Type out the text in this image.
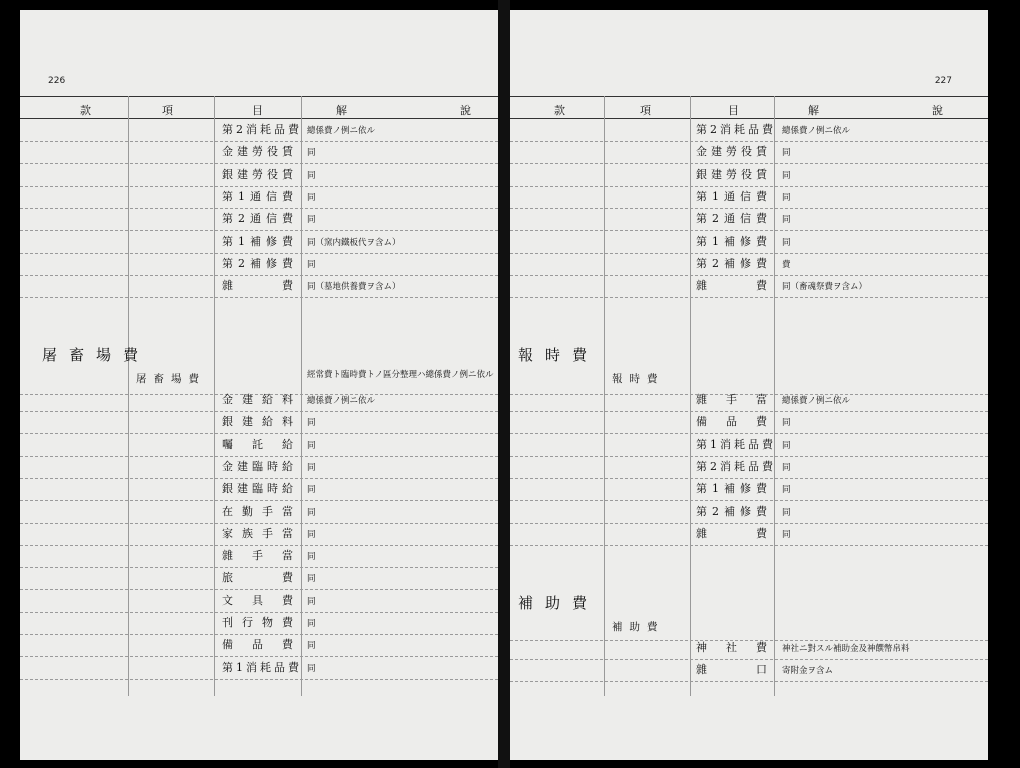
226
款	項	目	解	說
第2消耗品費 總係費ノ例ニ依ル
金建勞役賃 同
銀建勞役賃 同
第1通信費 同
第2通信費 同
第1補修費 同（窯内鐵板代ヲ含ム）
第2補修費 同
雜費 同（墓地供養費ヲ含ム）
屠畜場費
屠畜場費	經常費ト臨時費トノ區分整理ハ總係費ノ例ニ依ル
金建給料 總係費ノ例ニ依ル
銀建給料 同
囑託給 同
金建臨時給 同
銀建臨時給 同
在勤手當 同
家族手當 同
雜手當 同
旅費 同
文具費 同
刊行物費 同
備品費 同
第1消耗品費 同
227
款	項	目	解	說
第2消耗品費 總係費ノ例ニ依ル
金建勞役賃 同
銀建勞役賃 同
第1通信費 同
第2通信費 同
第1補修費 同
第2補修費 費
雜費 同（畜魂祭費ヲ含ム）
報時費
報時費
雜手當 總係費ノ例ニ依ル
備品費 同
第1消耗品費 同
第2消耗品費 同
第1補修費 同
第2補修費 同
雜費 同
補助費
補助費
神社費 神社ニ對スル補助金及神饌幣帛料
雜口 寄附金ヲ含ム
